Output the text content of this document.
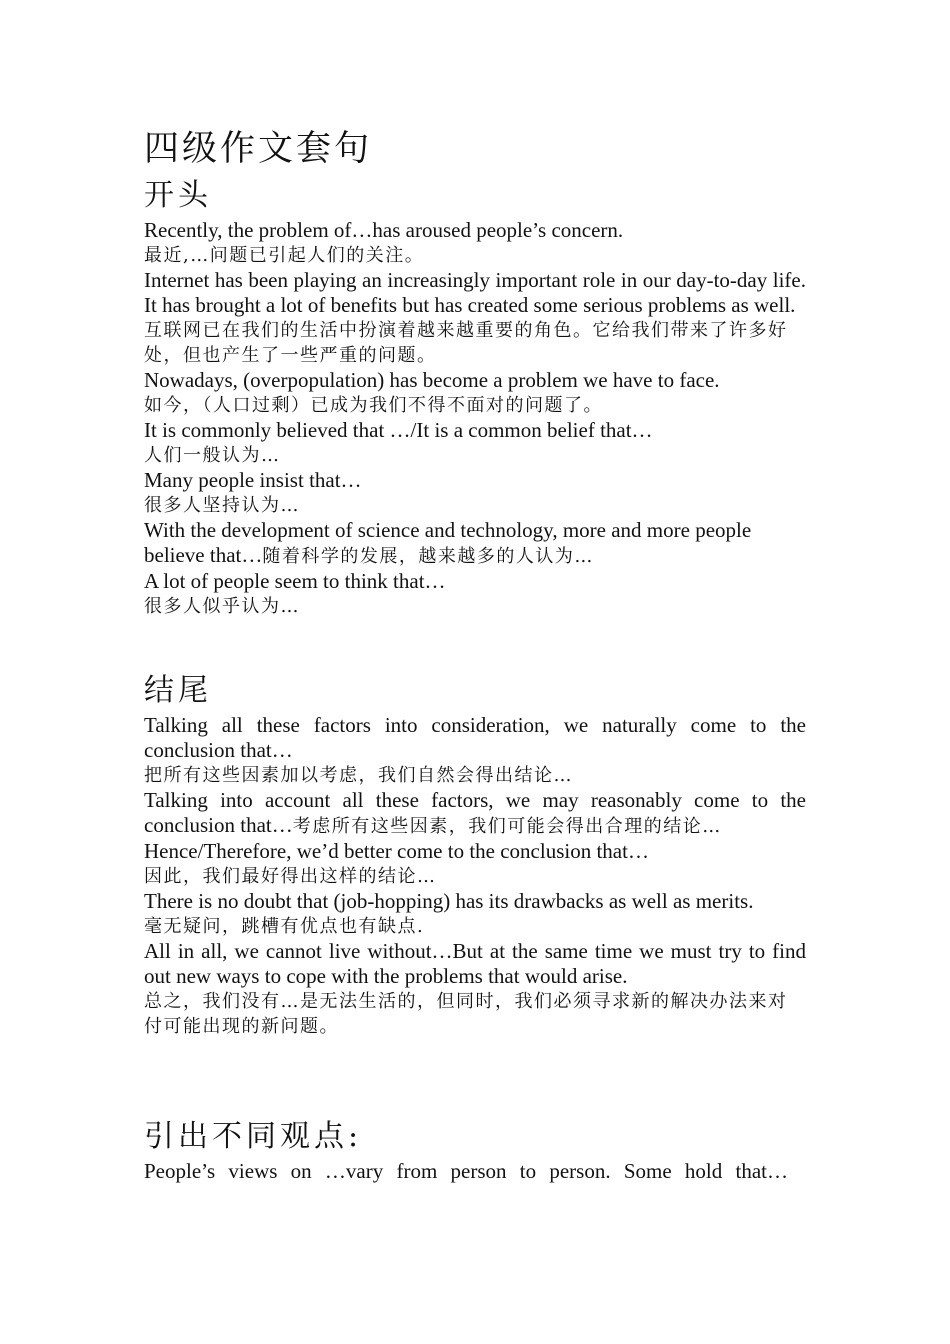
四级作文套句
开头

Recently, the problem of…has aroused people’s concern.

最近,…问题已引起人们的关注。

Internet has been playing an increasingly important role in our day-to-day life. It has brought a lot of benefits but has created some serious problems as well.

互联网已在我们的生活中扮演着越来越重要的角色。它给我们带来了许多好处，但也产生了一些严重的问题。

Nowadays, (overpopulation) has become a problem we have to face.

如今，（人口过剩）已成为我们不得不面对的问题了。

It is commonly believed that …/It is a common belief that…

人们一般认为…

Many people insist that…

很多人坚持认为…

With the development of science and technology, more and more people believe that…随着科学的发展，越来越多的人认为…

A lot of people seem to think that…

很多人似乎认为…

结尾

Talking all these factors into consideration, we naturally come to the conclusion that…

把所有这些因素加以考虑，我们自然会得出结论…

Talking into account all these factors, we may reasonably come to the conclusion that…考虑所有这些因素，我们可能会得出合理的结论…

Hence/Therefore, we’d better come to the conclusion that…

因此，我们最好得出这样的结论…

There is no doubt that (job-hopping) has its drawbacks as well as merits.

毫无疑问，跳槽有优点也有缺点.

All in all, we cannot live without…But at the same time we must try to find out new ways to cope with the problems that would arise.

总之，我们没有…是无法生活的，但同时，我们必须寻求新的解决办法来对付可能出现的新问题。

引出不同观点:

People’s views on …vary from person to person. Some hold that…
